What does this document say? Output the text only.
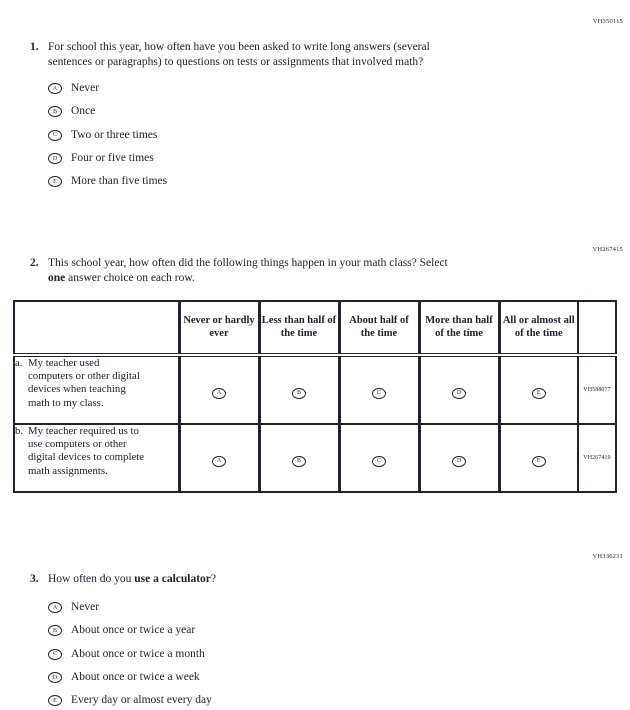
VH350115
1. For school this year, how often have you been asked to write long answers (several
sentences or paragraphs) to questions on tests or assignments that involved math?
A Never
B Once
C Two or three times
D Four or five times
E More than five times
VH267415
2. This school year, how often did the following things happen in your math class? Select
one answer choice on each row.
	Never or hardly ever	Less than half of the time	About half of the time	More than half of the time	All or almost all of the time	

a. My teacher used computers or other digital devices when teaching math to my class.	A	B	C	D	E	VH588077

b. My teacher required us to use computers or other digital devices to complete math assignments.	A	B	C	D	E	VH267419
VH336231
3. How often do you use a calculator?
A Never
B About once or twice a year
C About once or twice a month
D About once or twice a week
E Every day or almost every day
